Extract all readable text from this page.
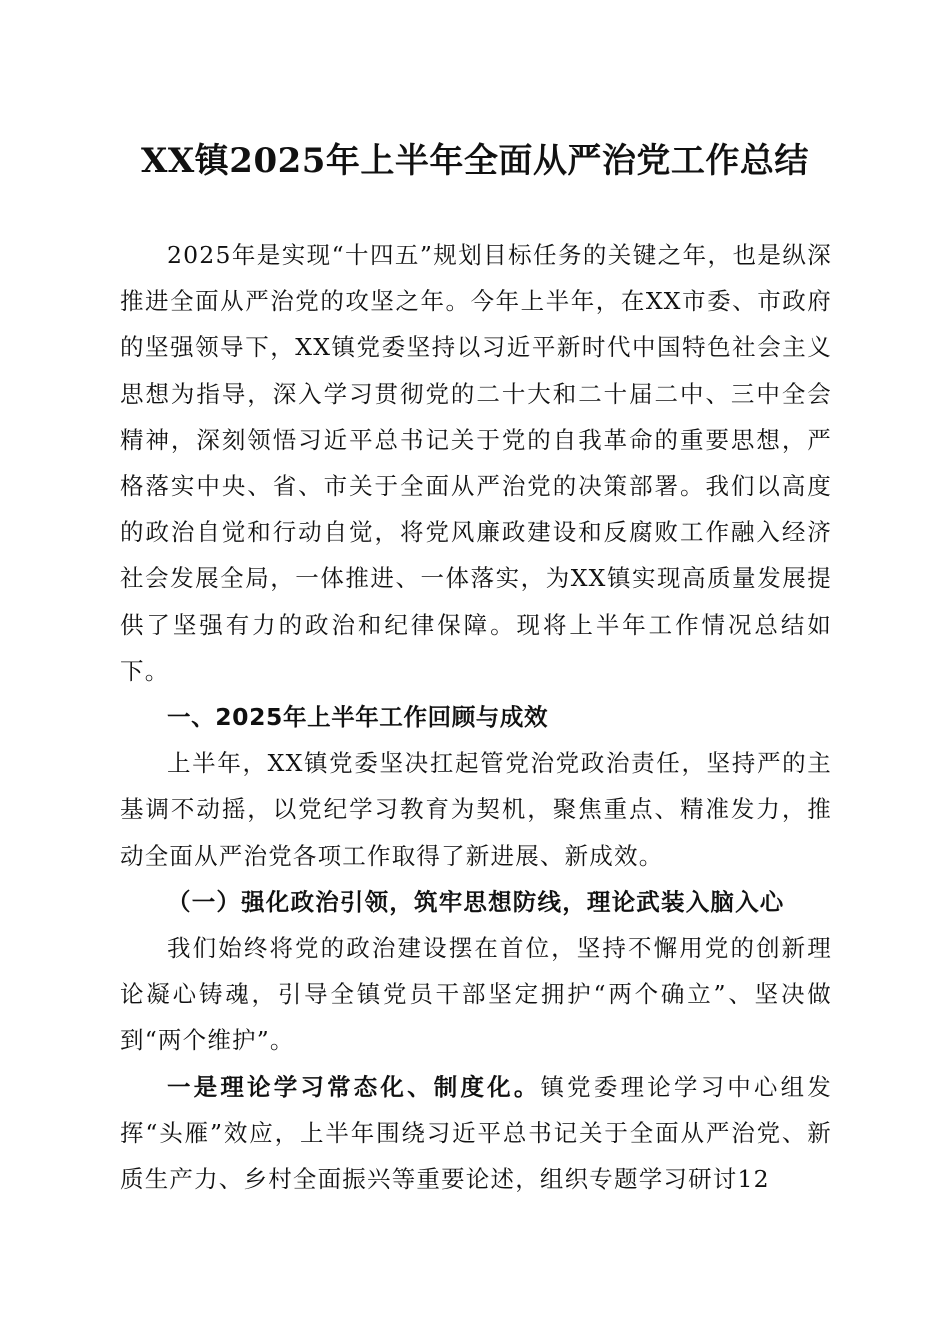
XX镇2025年上半年全面从严治党工作总结

2025年是实现“十四五”规划目标任务的关键之年，也是纵深推进全面从严治党的攻坚之年。今年上半年，在XX市委、市政府的坚强领导下，XX镇党委坚持以习近平新时代中国特色社会主义思想为指导，深入学习贯彻党的二十大和二十届二中、三中全会精神，深刻领悟习近平总书记关于党的自我革命的重要思想，严格落实中央、省、市关于全面从严治党的决策部署。我们以高度的政治自觉和行动自觉，将党风廉政建设和反腐败工作融入经济社会发展全局，一体推进、一体落实，为XX镇实现高质量发展提供了坚强有力的政治和纪律保障。现将上半年工作情况总结如下。

一、2025年上半年工作回顾与成效

上半年，XX镇党委坚决扛起管党治党政治责任，坚持严的主基调不动摇，以党纪学习教育为契机，聚焦重点、精准发力，推动全面从严治党各项工作取得了新进展、新成效。

（一）强化政治引领，筑牢思想防线，理论武装入脑入心

我们始终将党的政治建设摆在首位，坚持不懈用党的创新理论凝心铸魂，引导全镇党员干部坚定拥护“两个确立”、坚决做到“两个维护”。

一是理论学习常态化、制度化。镇党委理论学习中心组发挥“头雁”效应，上半年围绕习近平总书记关于全面从严治党、新质生产力、乡村全面振兴等重要论述，组织专题学习研讨12
